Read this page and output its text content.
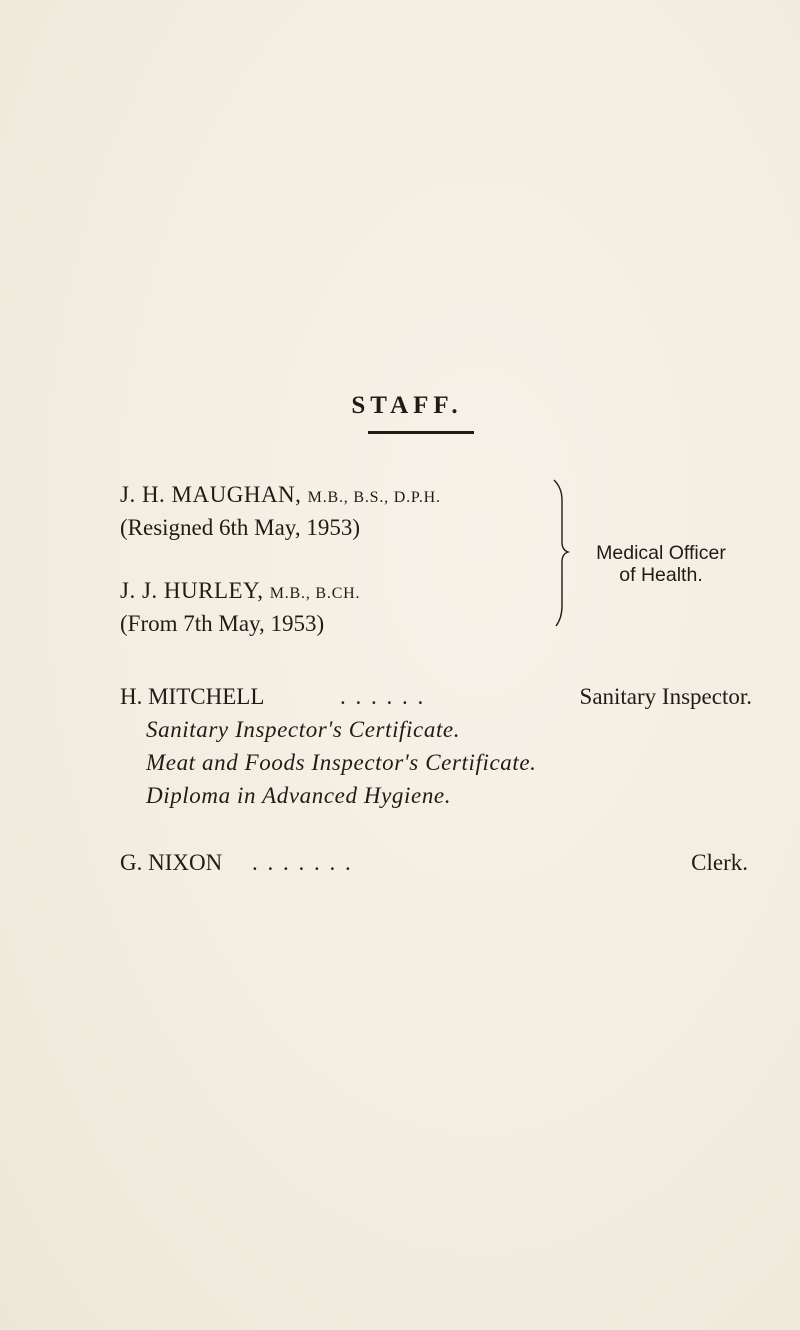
STAFF.
J. H. MAUGHAN, M.B., B.S., D.P.H.
(Resigned 6th May, 1953)
J. J. HURLEY, M.B., B.CH.
(From 7th May, 1953)
Medical Officer
of Health.
H. MITCHELL	. . . . . .	Sanitary Inspector.
Sanitary Inspector's Certificate.
Meat and Foods Inspector's Certificate.
Diploma in Advanced Hygiene.
G. NIXON . . . . . . .	Clerk.
